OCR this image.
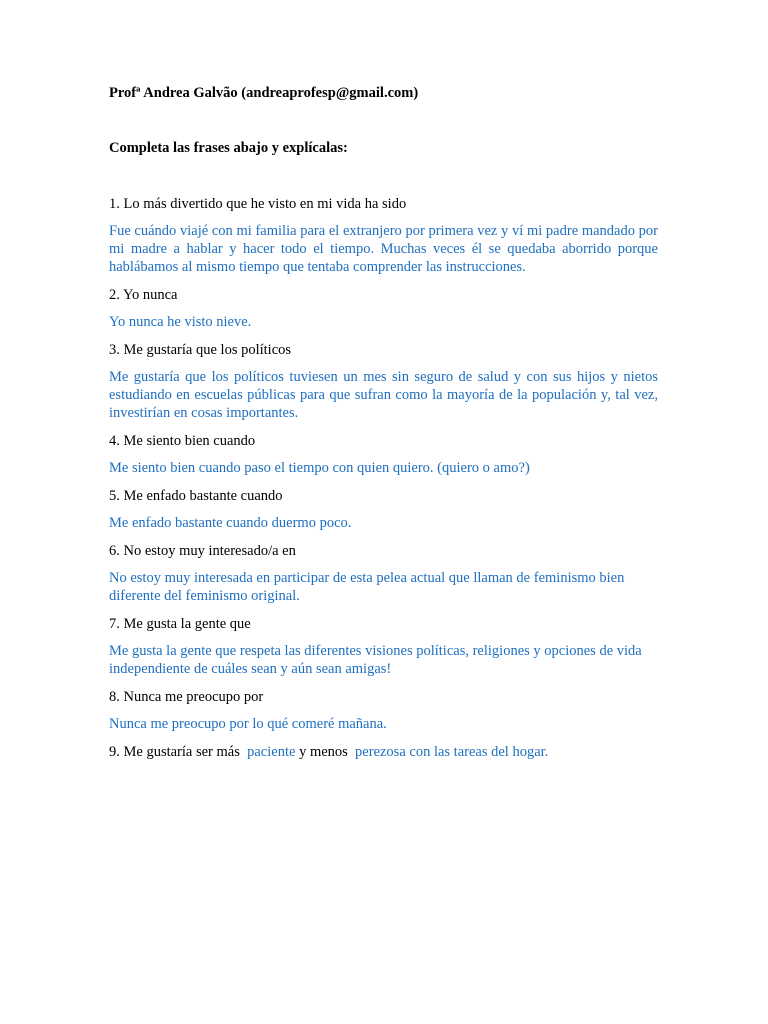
Profª Andrea Galvão (andreaprofesp@gmail.com)

Completa las frases abajo y explícalas:

1. Lo más divertido que he visto en mi vida ha sido

Fue cuándo viajé con mi familia para el extranjero por primera vez y ví mi padre mandado por mi madre a hablar y hacer todo el tiempo. Muchas veces él se quedaba aborrido porque hablábamos al mismo tiempo que tentaba comprender las instrucciones.

2. Yo nunca

Yo nunca he visto nieve.

3. Me gustaría que los políticos

Me gustaría que los políticos tuviesen un mes sin seguro de salud y con sus hijos y nietos estudiando en escuelas públicas para que sufran como la mayoría de la populación y, tal vez, investirían en cosas importantes.

4. Me siento bien cuando

Me siento bien cuando paso el tiempo con quien quiero. (quiero o amo?)

5. Me enfado bastante cuando

Me enfado bastante cuando duermo poco.

6. No estoy muy interesado/a en

No estoy muy interesada en participar de esta pelea actual que llaman de feminismo bien diferente del feminismo original.

7. Me gusta la gente que

Me gusta la gente que respeta las diferentes visiones políticas, religiones y opciones de vida independiente de cuáles sean y aún sean amigas!

8. Nunca me preocupo por

Nunca me preocupo por lo qué comeré mañana.

9. Me gustaría ser más paciente y menos perezosa con las tareas del hogar.
